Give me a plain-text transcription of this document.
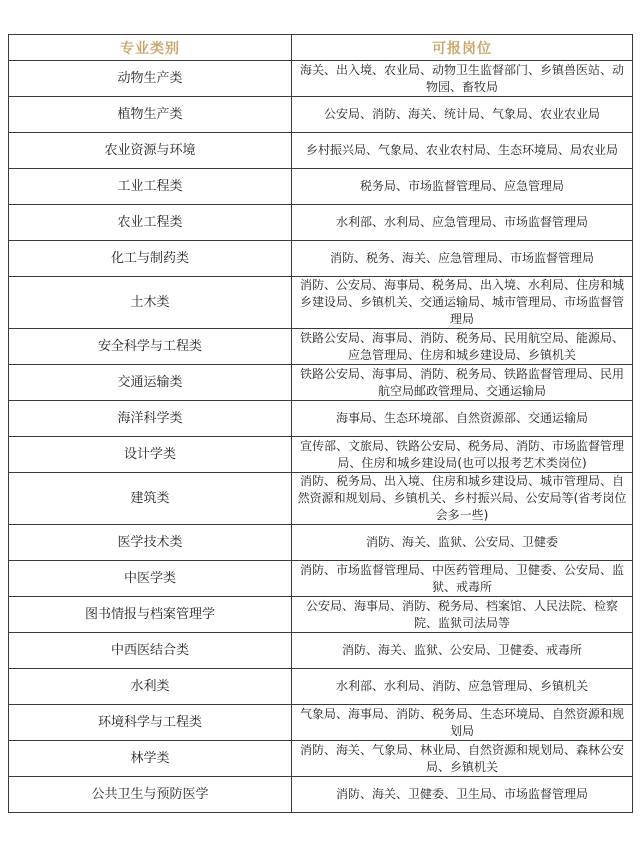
专业类别	可报岗位
动物生产类	海关、出入境、农业局、动物卫生监督部门、乡镇兽医站、动物园、畜牧局
植物生产类	公安局、消防、海关、统计局、气象局、农业农业局
农业资源与环境	乡村振兴局、气象局、农业农村局、生态环境局、局农业局
工业工程类	税务局、市场监督管理局、应急管理局
农业工程类	水利部、水利局、应急管理局、市场监督管理局
化工与制药类	消防、税务、海关、应急管理局、市场监督管理局
土木类	消防、公安局、海事局、税务局、出入境、水利局、住房和城乡建设局、乡镇机关、交通运输局、城市管理局、市场监督管理局
安全科学与工程类	铁路公安局、海事局、消防、税务局、民用航空局、能源局、应急管理局、住房和城乡建设局、乡镇机关
交通运输类	铁路公安局、海事局、消防、税务局、铁路监督管理局、民用航空局邮政管理局、交通运输局
海洋科学类	海事局、生态环境部、自然资源部、交通运输局
设计学类	宣传部、文旅局、铁路公安局、税务局、消防、市场监督管理局、住房和城乡建设局(也可以报考艺术类岗位)
建筑类	消防、税务局、出入境、住房和城乡建设局、城市管理局、自然资源和规划局、乡镇机关、乡村振兴局、公安局等(省考岗位会多一些)
医学技术类	消防、海关、监狱、公安局、卫健委
中医学类	消防、市场监督管理局、中医药管理局、卫健委、公安局、监狱、戒毒所
图书情报与档案管理学	公安局、海事局、消防、税务局、档案馆、人民法院、检察院、监狱司法局等
中西医结合类	消防、海关、监狱、公安局、卫健委、戒毒所
水利类	水利部、水利局、消防、应急管理局、乡镇机关
环境科学与工程类	气象局、海事局、消防、税务局、生态环境局、自然资源和规划局
林学类	消防、海关、气象局、林业局、自然资源和规划局、森林公安局、乡镇机关
公共卫生与预防医学	消防、海关、卫健委、卫生局、市场监督管理局
